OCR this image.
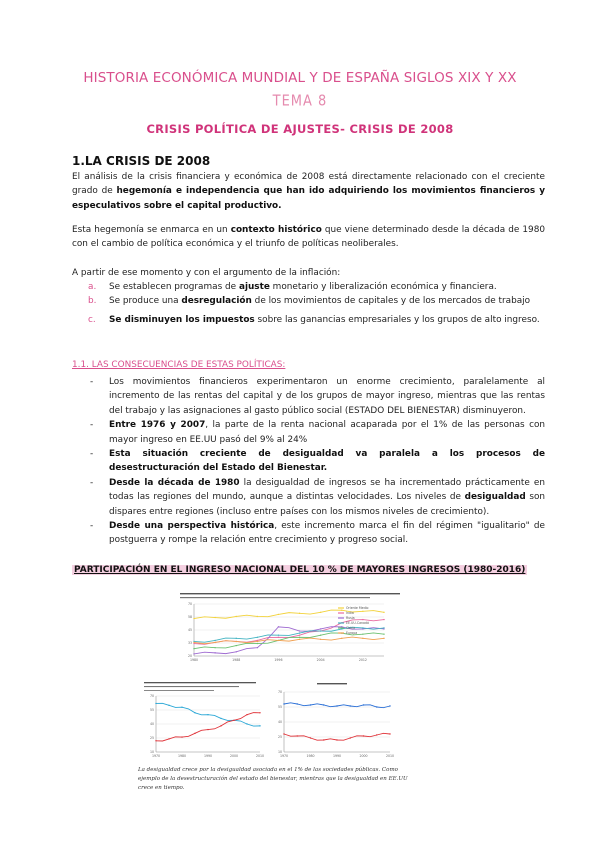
HISTORIA ECONÓMICA MUNDIAL Y DE ESPAÑA SIGLOS XIX Y XX
TEMA 8
CRISIS POLÍTICA DE AJUSTES- CRISIS DE 2008
1.LA CRISIS DE 2008
El análisis de la crisis financiera y económica de 2008 está directamente relacionado con el creciente grado de hegemonía e independencia que han ido adquiriendo los movimientos financieros y especulativos sobre el capital productivo.
Esta hegemonía se enmarca en un contexto histórico que viene determinado desde la década de 1980 con el cambio de política económica y el triunfo de políticas neoliberales.
A partir de ese momento y con el argumento de la inflación:
a. Se establecen programas de ajuste monetario y liberalización económica y financiera.
b. Se produce una desregulación de los movimientos de capitales y de los mercados de trabajo
c. Se disminuyen los impuestos sobre las ganancias empresariales y los grupos de alto ingreso.
1.1. LAS CONSECUENCIAS DE ESTAS POLÍTICAS:
- Los movimientos financieros experimentaron un enorme crecimiento, paralelamente al incremento de las rentas del capital y de los grupos de mayor ingreso, mientras que las rentas del trabajo y las asignaciones al gasto público social (ESTADO DEL BIENESTAR) disminuyeron.
- Entre 1976 y 2007, la parte de la renta nacional acaparada por el 1% de las personas con mayor ingreso en EE.UU pasó del 9% al 24%
- Esta situación creciente de desigualdad va paralela a los procesos de desestructuración del Estado del Bienestar.
- Desde la década de 1980 la desigualdad de ingresos se ha incrementado prácticamente en todas las regiones del mundo, aunque a distintas velocidades. Los niveles de desigualdad son dispares entre regiones (incluso entre países con los mismos niveles de crecimiento).
- Desde una perspectiva histórica, este incremento marca el fin del régimen "igualitario" de postguerra y rompe la relación entre crecimiento y progreso social.
PARTICIPACIÓN EN EL INGRESO NACIONAL DEL 10 % DE MAYORES INGRESOS (1980-2016)
1980	1988	1996	2004	2012
20
33
45
58
70
Oriente Medio
India
Rusia
EE.UU-Canadá
China
Europa
1970	1980	1990	2000	2010
10
25
40
55
70
1970	1980	1990	2000	2010
10
25
40
55
70
La desigualdad crece por la desigualdad asociada en el 1% de las sociedades públicas. Como ejemplo de la desestructuración del estado del bienestar, mientras que la desigualdad en EE.UU crece en tiempo.
